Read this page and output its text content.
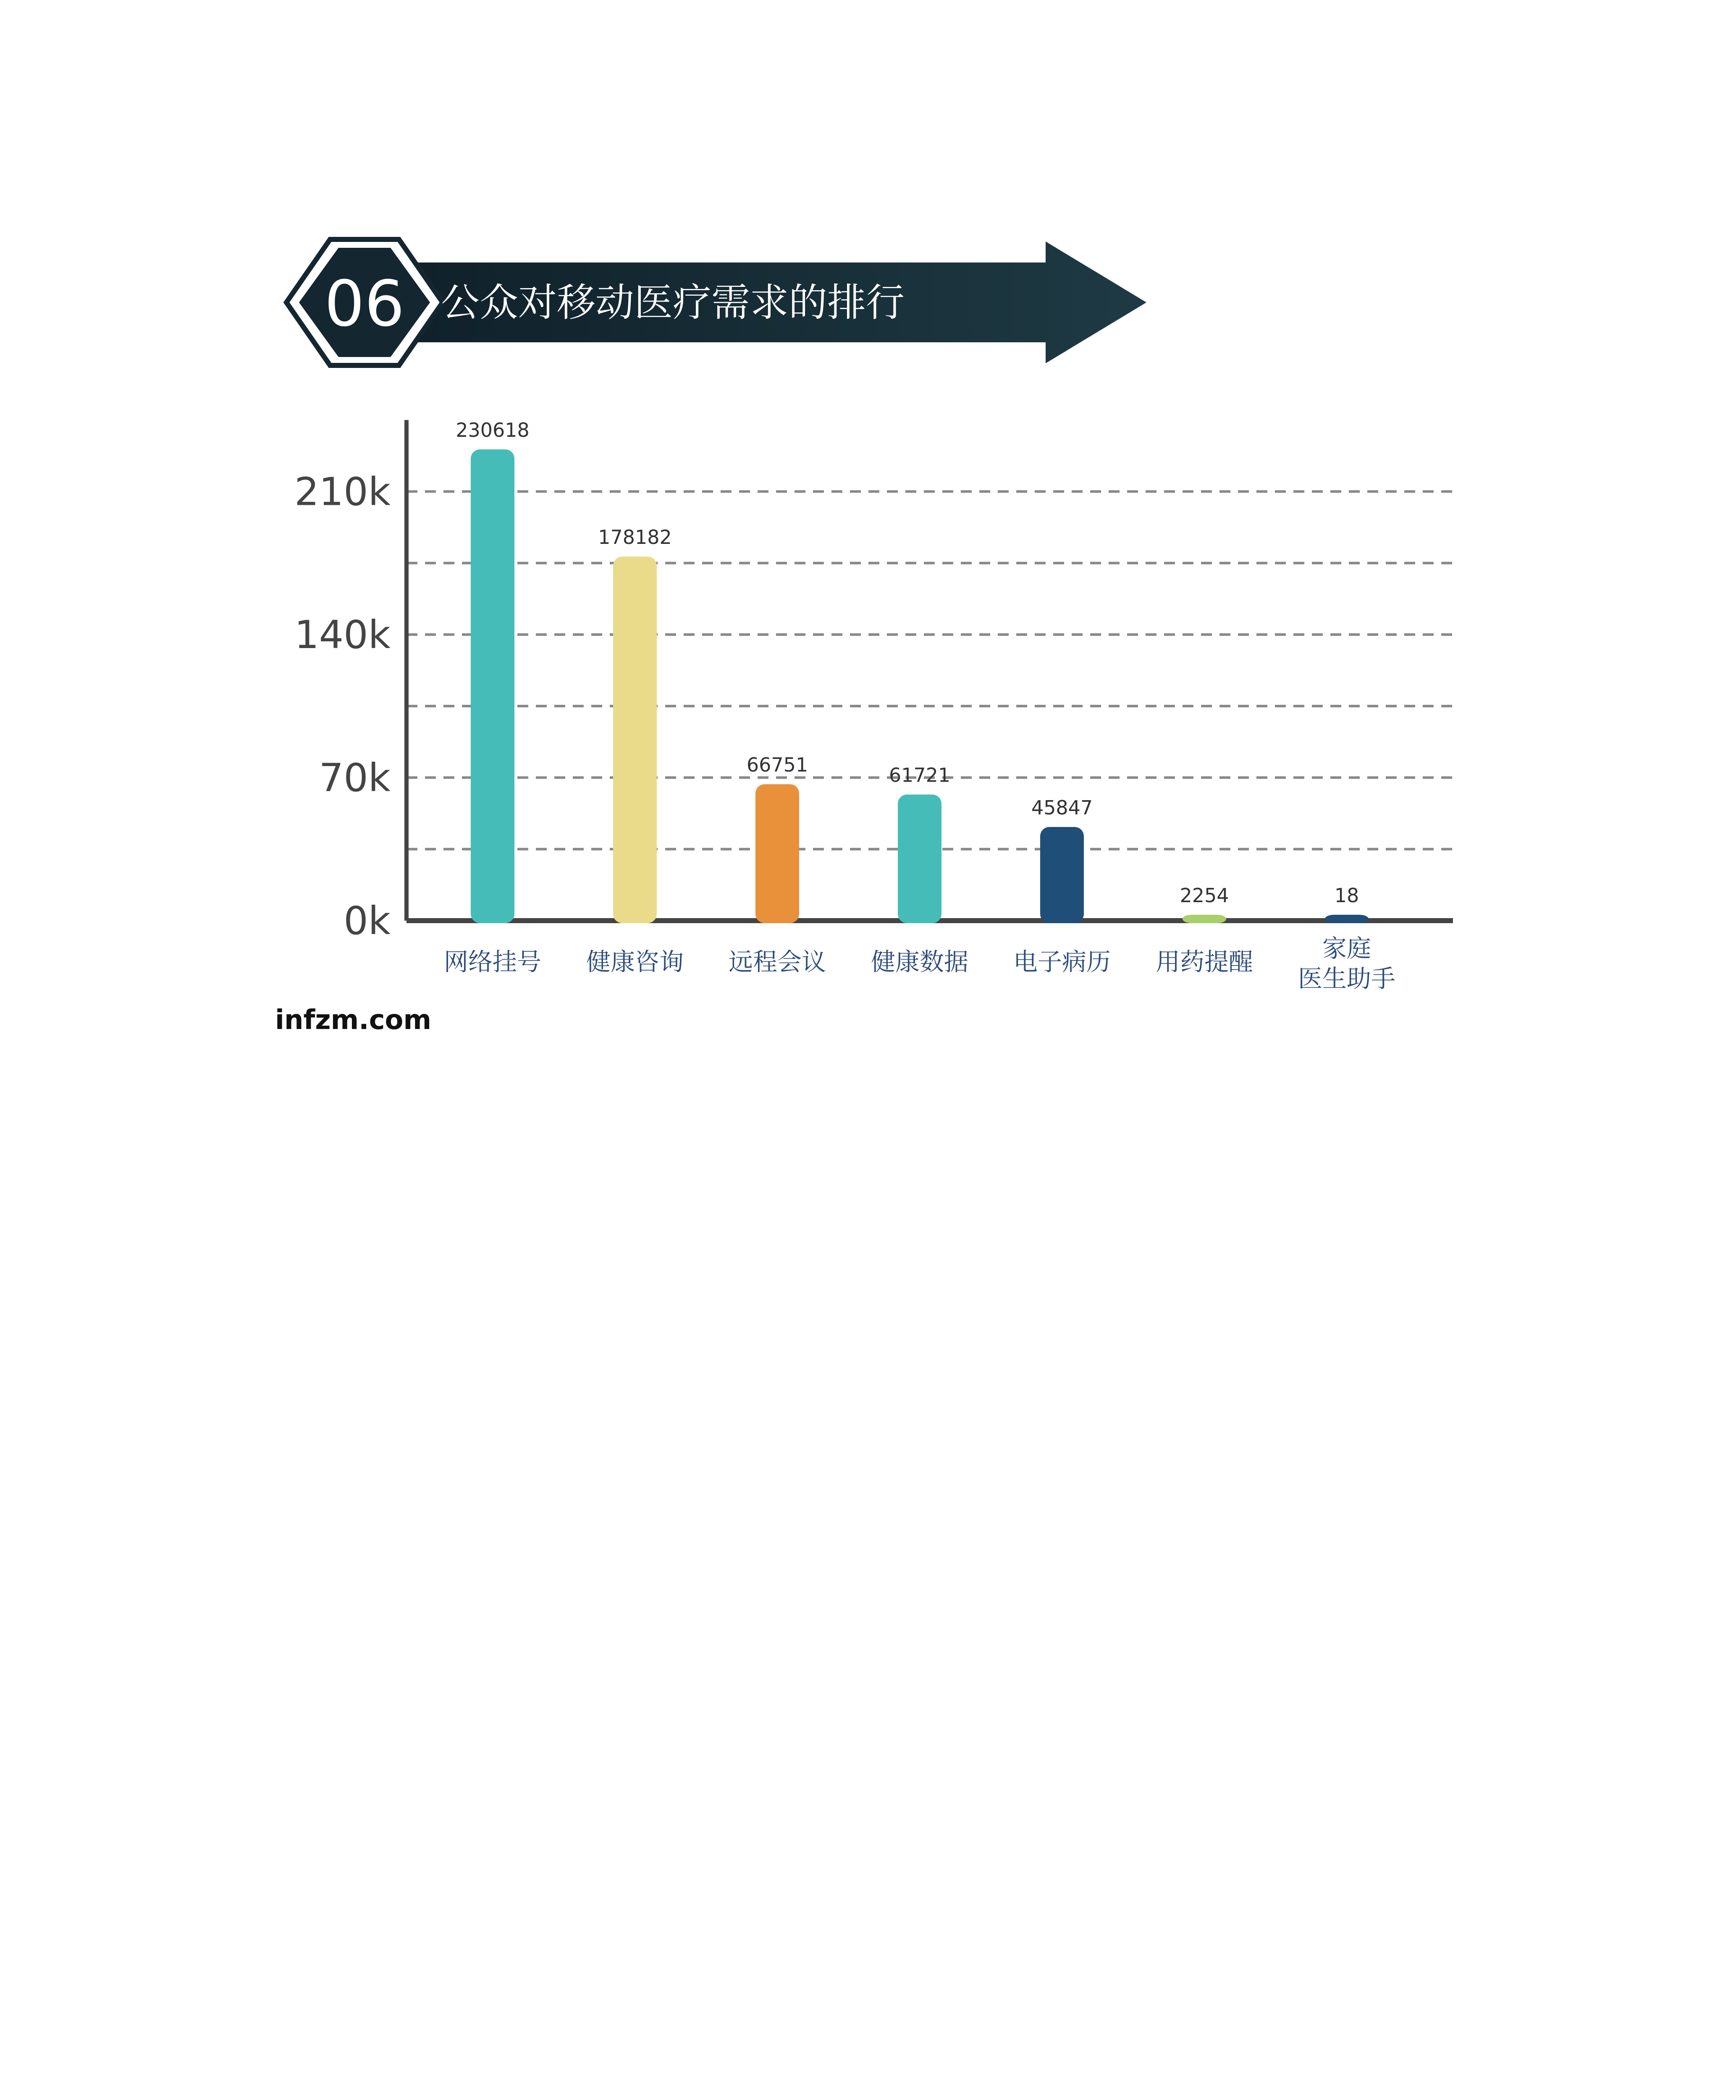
06 公众对移动医疗需求的排行
0k
70k
140k
210k
230618
网络挂号
178182
健康咨询
66751
远程会议
61721
健康数据
45847
电子病历
2254
用药提醒
18
家庭
医生助手
infzm.com
